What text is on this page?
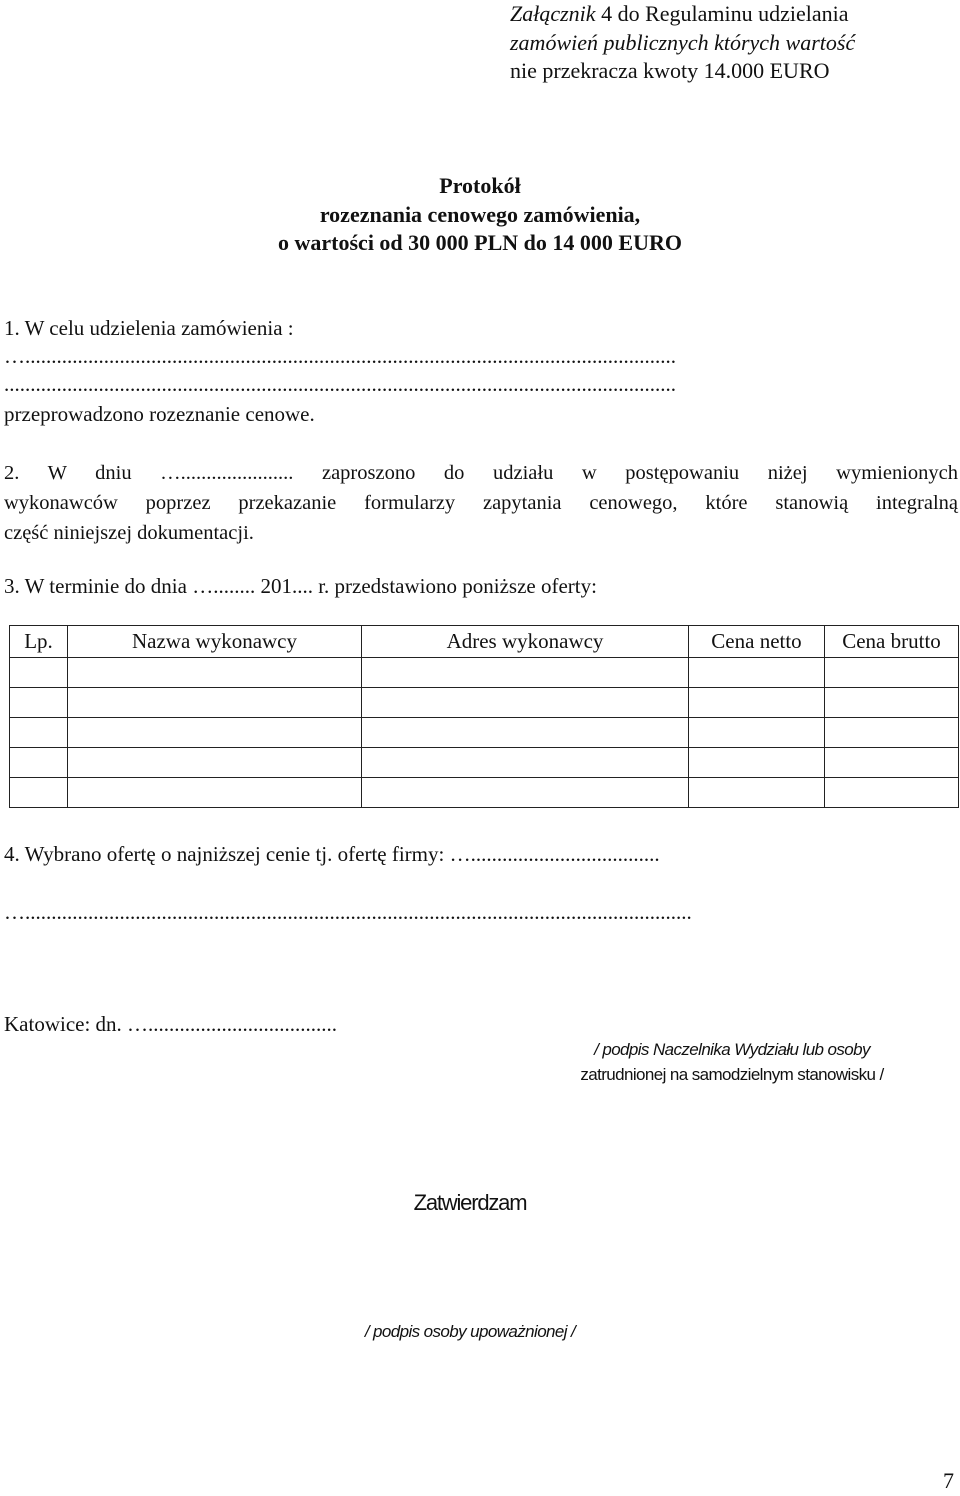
Załącznik 4 do Regulaminu udzielania
zamówień publicznych których wartość
nie przekracza kwoty 14.000 EURO
Protokół
rozeznania cenowego zamówienia,
o wartości od 30 000 PLN do 14 000 EURO
1. W celu udzielenia zamówienia :
…............................................................................................................................
................................................................................................................................
przeprowadzono rozeznanie cenowe.
2. W dniu …...................... zaproszono do udziału w postępowaniu niżej wymienionych
wykonawców poprzez przekazanie formularzy zapytania cenowego, które stanowią integralną
część niniejszej dokumentacji.
3. W terminie do dnia …........ 201.... r. przedstawiono poniższe oferty:
Lp.	Nazwa wykonawcy	Adres wykonawcy	Cena netto	Cena brutto

4. Wybrano ofertę o najniższej cenie tj. ofertę firmy: …....................................
…...............................................................................................................................
Katowice: dn. …....................................
/ podpis Naczelnika Wydziału lub osoby
zatrudnionej na samodzielnym stanowisku /
Zatwierdzam
/ podpis osoby upoważnionej /
7
